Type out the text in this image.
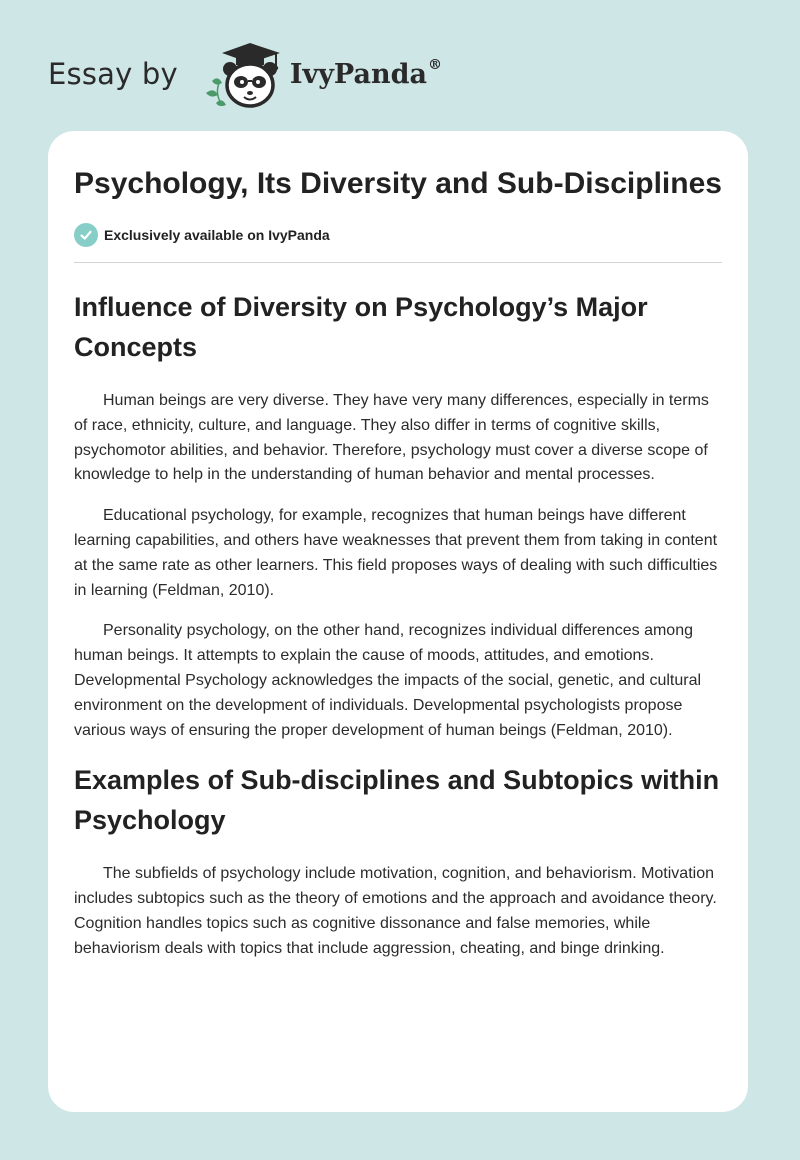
Essay by	IvyPanda®
Psychology, Its Diversity and Sub-Disciplines
Exclusively available on IvyPanda
Influence of Diversity on Psychology’s Major Concepts

Human beings are very diverse. They have very many differences, especially in terms of race, ethnicity, culture, and language. They also differ in terms of cognitive skills, psychomotor abilities, and behavior. Therefore, psychology must cover a diverse scope of knowledge to help in the understanding of human behavior and mental processes.

Educational psychology, for example, recognizes that human beings have different learning capabilities, and others have weaknesses that prevent them from taking in content at the same rate as other learners. This field proposes ways of dealing with such difficulties in learning (Feldman, 2010).

Personality psychology, on the other hand, recognizes individual differences among human beings. It attempts to explain the cause of moods, attitudes, and emotions. Developmental Psychology acknowledges the impacts of the social, genetic, and cultural environment on the development of individuals. Developmental psychologists propose various ways of ensuring the proper development of human beings (Feldman, 2010).

Examples of Sub-disciplines and Subtopics within Psychology

The subfields of psychology include motivation, cognition, and behaviorism. Motivation includes subtopics such as the theory of emotions and the approach and avoidance theory. Cognition handles topics such as cognitive dissonance and false memories, while behaviorism deals with topics that include aggression, cheating, and binge drinking.
